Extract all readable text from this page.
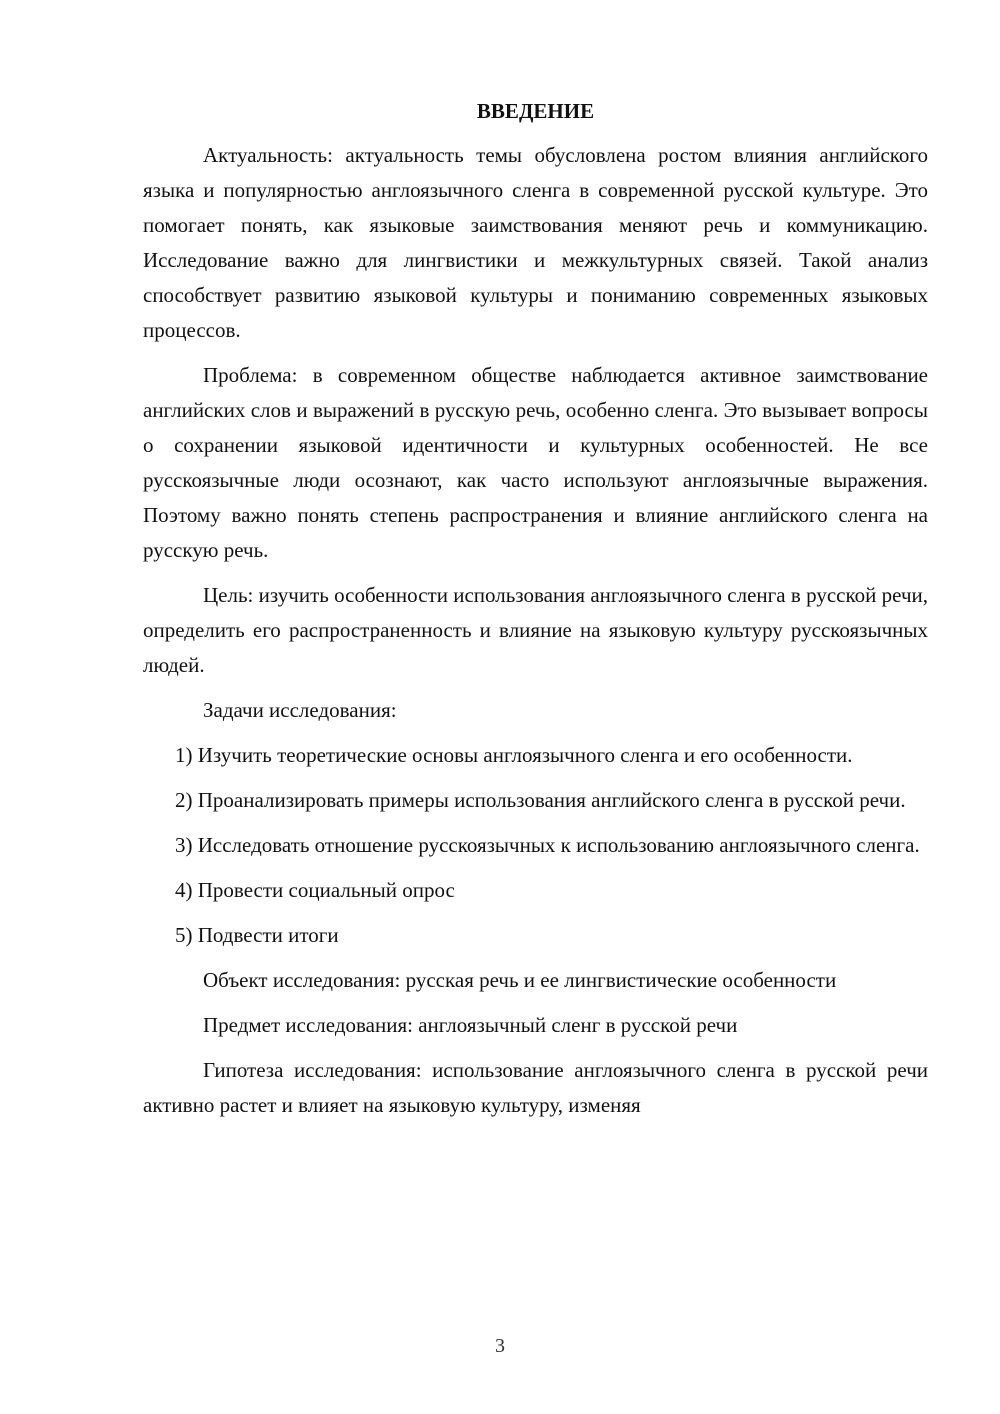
ВВЕДЕНИЕ

Актуальность: актуальность темы обусловлена ростом влияния английского языка и популярностью англоязычного сленга в современной русской культуре. Это помогает понять, как языковые заимствования меняют речь и коммуникацию. Исследование важно для лингвистики и межкультурных связей. Такой анализ способствует развитию языковой культуры и пониманию современных языковых процессов.

Проблема: в современном обществе наблюдается активное заимствование английских слов и выражений в русскую речь, особенно сленга. Это вызывает вопросы о сохранении языковой идентичности и культурных особенностей. Не все русскоязычные люди осознают, как часто используют англоязычные выражения. Поэтому важно понять степень распространения и влияние английского сленга на русскую речь.

Цель: изучить особенности использования англоязычного сленга в русской речи, определить его распространенность и влияние на языковую культуру русскоязычных людей.

Задачи исследования:

1) Изучить теоретические основы англоязычного сленга и его особенности.

2) Проанализировать примеры использования английского сленга в русской речи.

3) Исследовать отношение русскоязычных к использованию англоязычного сленга.

4) Провести социальный опрос

5) Подвести итоги

Объект исследования: русская речь и ее лингвистические особенности

Предмет исследования: англоязычный сленг в русской речи

Гипотеза исследования: использование англоязычного сленга в русской речи активно растет и влияет на языковую культуру, изменяя

3
